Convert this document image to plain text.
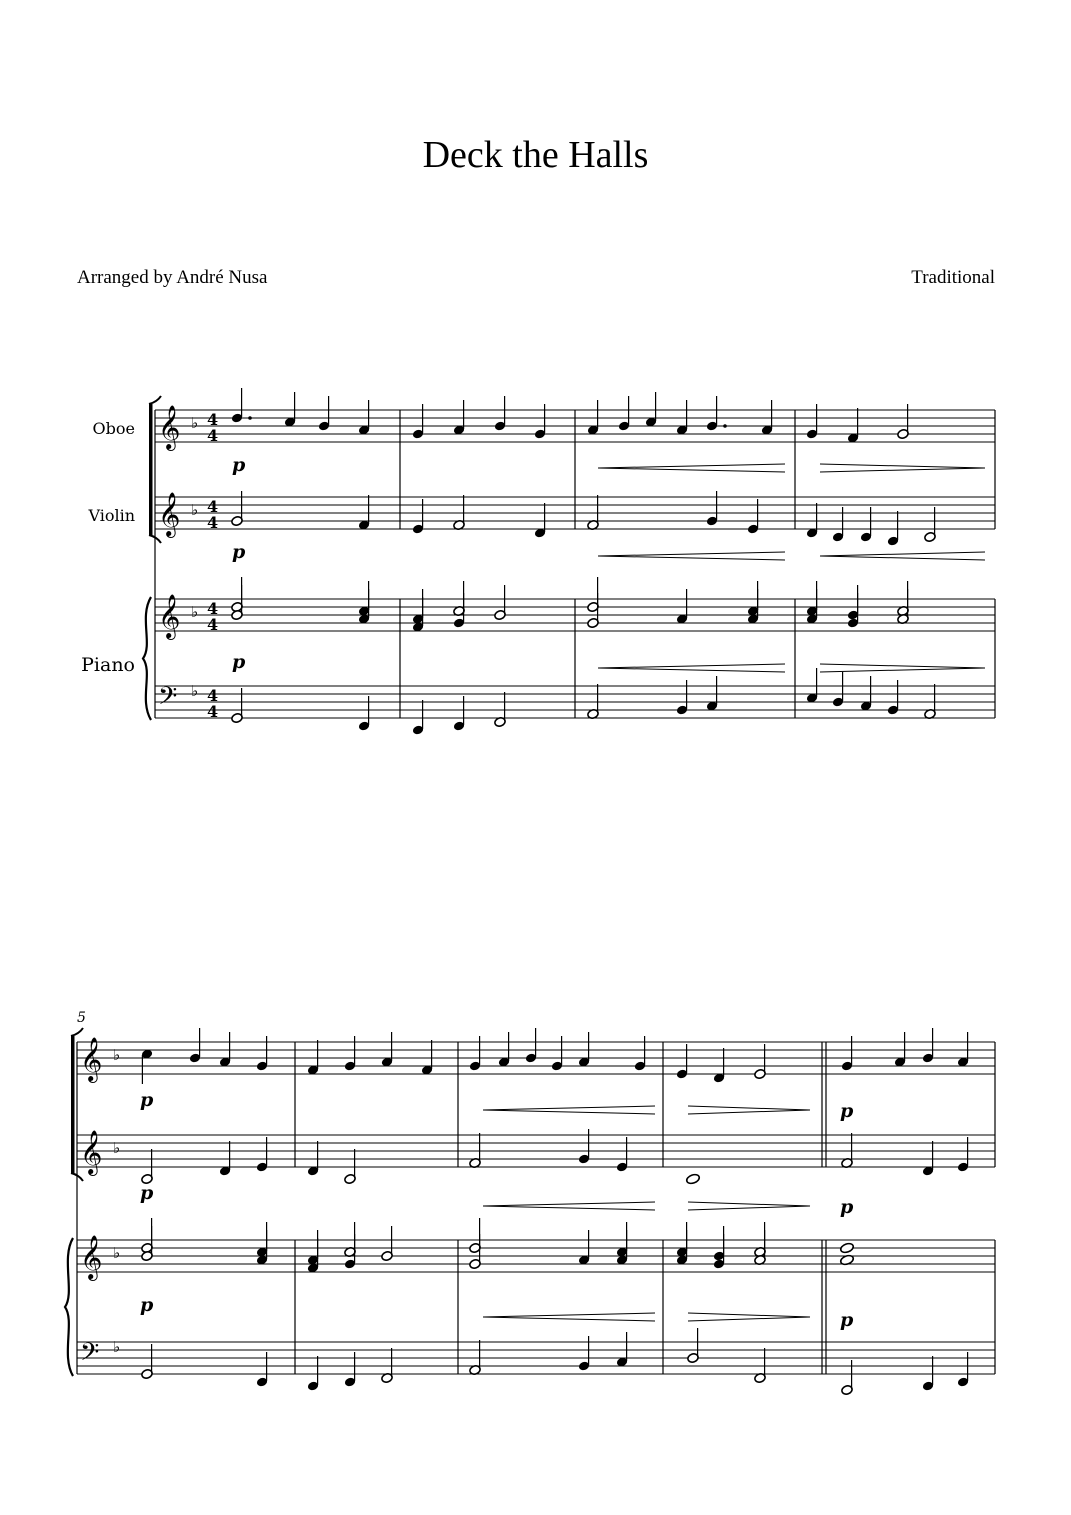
Deck the Halls
Arranged by André Nusa	Traditional
𝄞 ♭ 4
4
𝄞 ♭ 4
4
𝄞 ♭ 4
4
𝄢 ♭ 4
4
𝄞 ♭
𝄞 ♭
𝄞 ♭
𝄢 ♭
Oboe
Violin
Piano
5
p
p
p
p	p
p
p
p
p
